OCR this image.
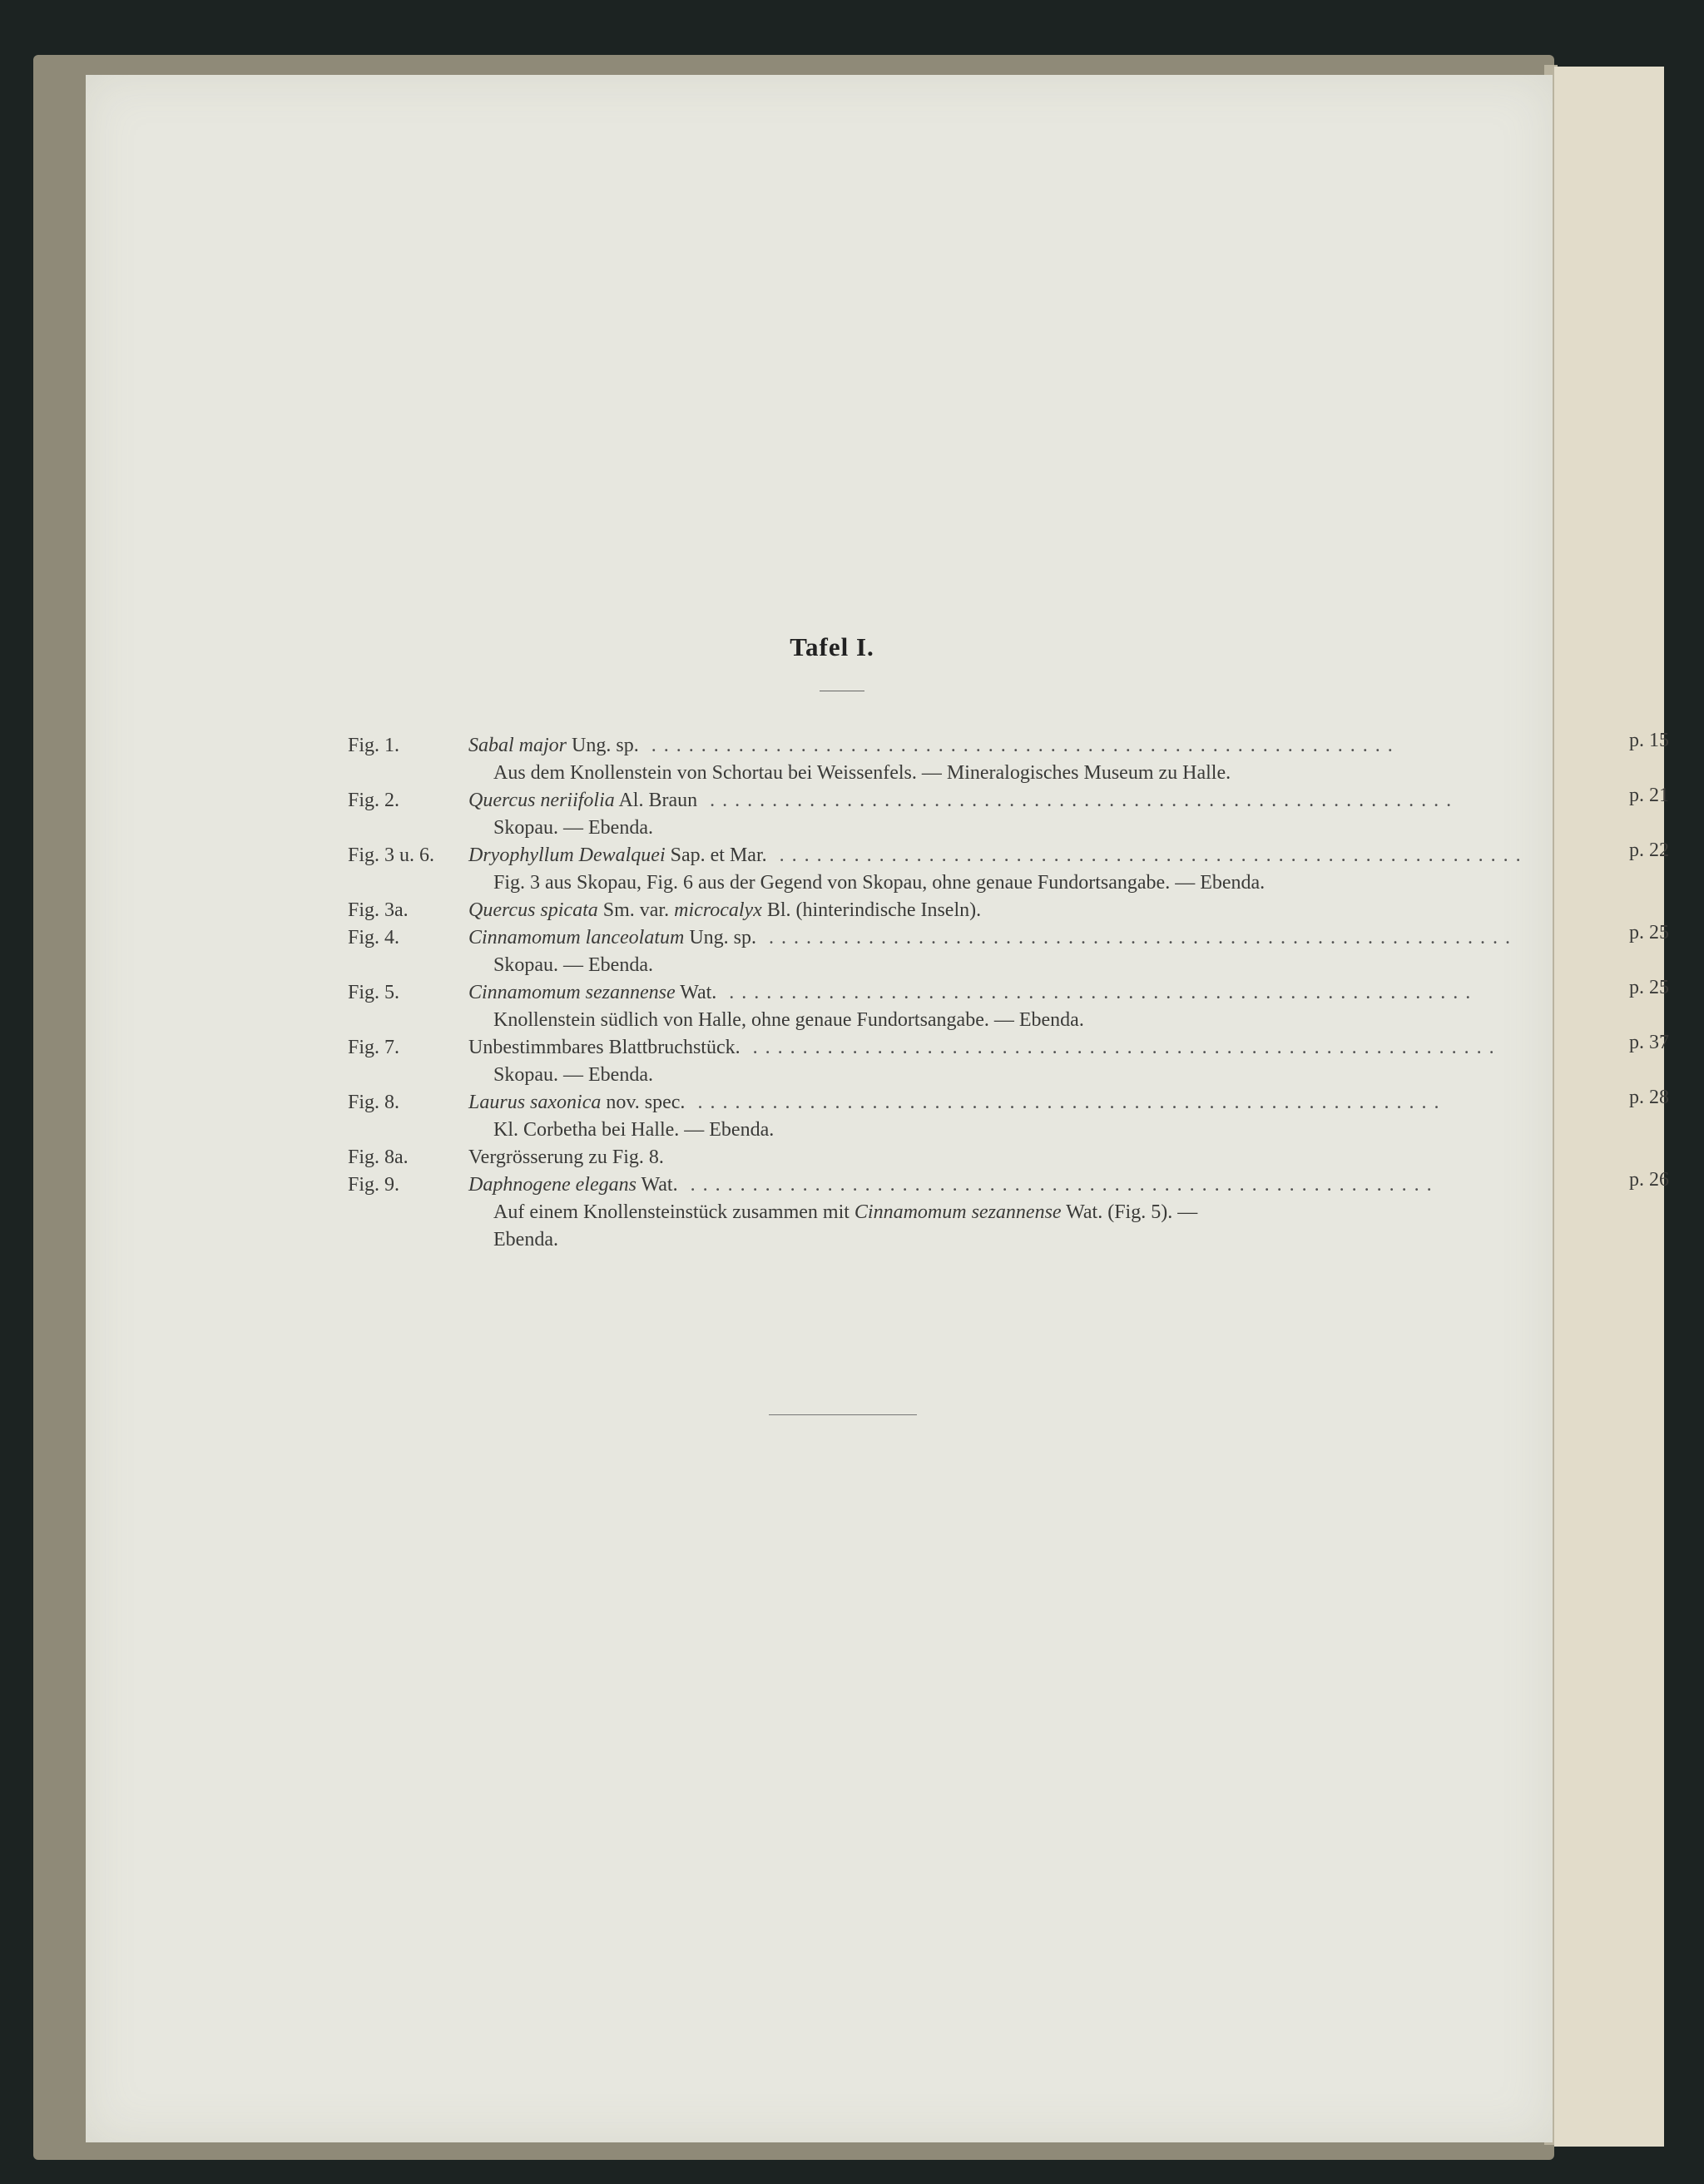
Tafel I.
Fig. 1.	Sabal major Ung. sp. ............................................................	p. 15
Aus dem Knollenstein von Schortau bei Weissenfels. — Mineralogisches Museum zu Halle.
Fig. 2.	Quercus neriifolia Al. Braun ............................................................	p. 21
Skopau. — Ebenda.
Fig. 3 u. 6.	Dryophyllum Dewalquei Sap. et Mar. ............................................................	p. 22
Fig. 3 aus Skopau, Fig. 6 aus der Gegend von Skopau, ohne genaue Fundortsangabe. — Ebenda.
Fig. 3a.	Quercus spicata Sm. var. microcalyx Bl. (hinterindische Inseln).
Fig. 4.	Cinnamomum lanceolatum Ung. sp. ............................................................	p. 25
Skopau. — Ebenda.
Fig. 5.	Cinnamomum sezannense Wat. ............................................................	p. 25
Knollenstein südlich von Halle, ohne genaue Fundortsangabe. — Ebenda.
Fig. 7.	Unbestimmbares Blattbruchstück. ............................................................	p. 37
Skopau. — Ebenda.
Fig. 8.	Laurus saxonica nov. spec. ............................................................	p. 28
Kl. Corbetha bei Halle. — Ebenda.
Fig. 8a.	Vergrösserung zu Fig. 8.
Fig. 9.	Daphnogene elegans Wat. ............................................................	p. 26
Auf einem Knollensteinstück zusammen mit Cinnamomum sezannense Wat. (Fig. 5). — Ebenda.
